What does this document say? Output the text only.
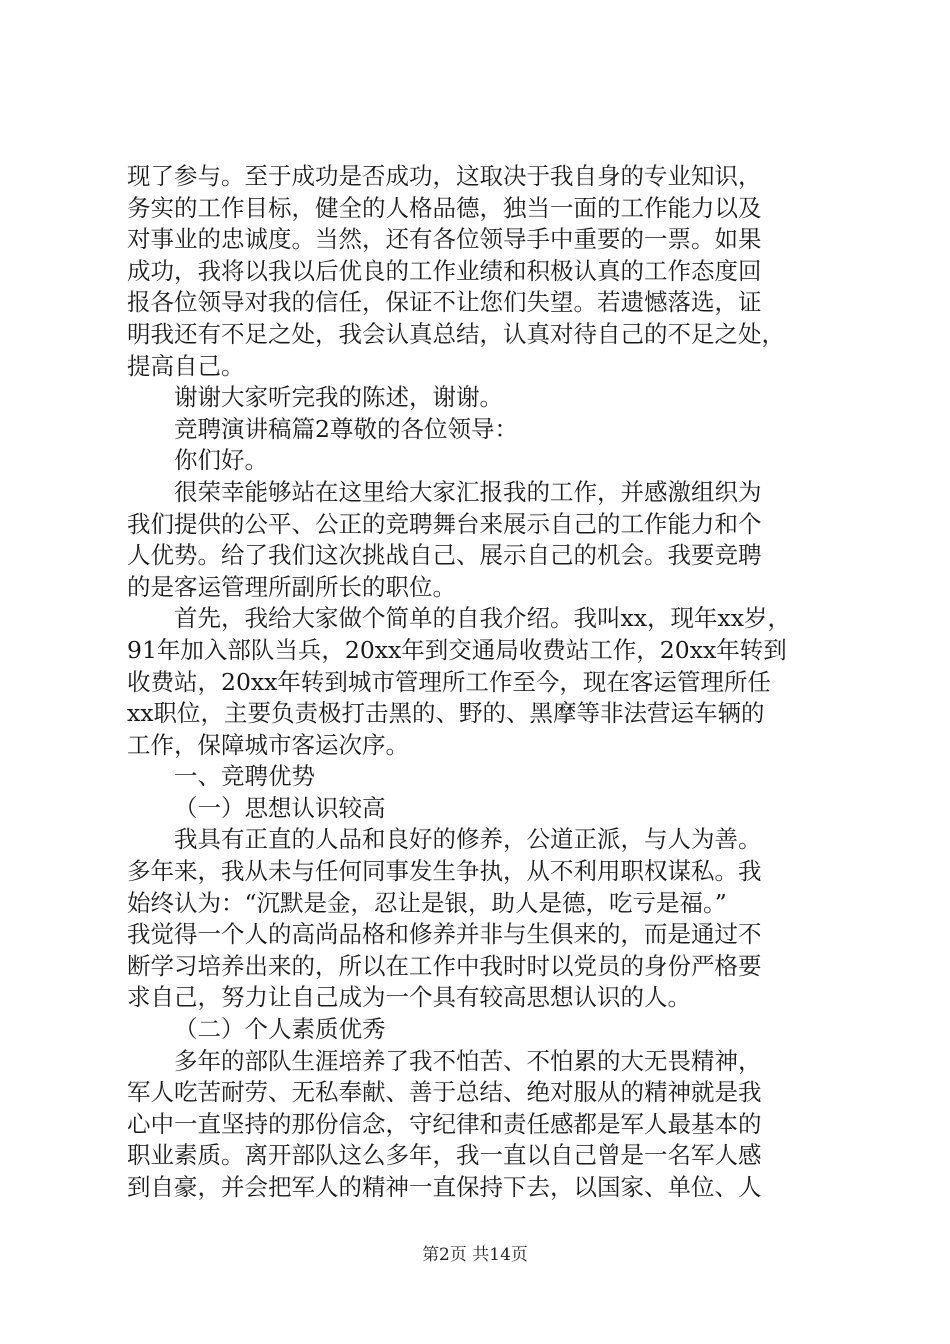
现了参与。至于成功是否成功，这取决于我自身的专业知识，
务实的工作目标，健全的人格品德，独当一面的工作能力以及
对事业的忠诚度。当然，还有各位领导手中重要的一票。如果
成功，我将以我以后优良的工作业绩和积极认真的工作态度回
报各位领导对我的信任，保证不让您们失望。若遗憾落选，证
明我还有不足之处，我会认真总结，认真对待自己的不足之处，
提高自己。
谢谢大家听完我的陈述，谢谢。
竞聘演讲稿篇2尊敬的各位领导：
你们好。
很荣幸能够站在这里给大家汇报我的工作，并感激组织为
我们提供的公平、公正的竞聘舞台来展示自己的工作能力和个
人优势。给了我们这次挑战自己、展示自己的机会。我要竞聘
的是客运管理所副所长的职位。
首先，我给大家做个简单的自我介绍。我叫xx，现年xx岁，
91年加入部队当兵，20xx年到交通局收费站工作，20xx年转到
收费站，20xx年转到城市管理所工作至今，现在客运管理所任
xx职位，主要负责极打击黑的、野的、黑摩等非法营运车辆的
工作，保障城市客运次序。
一、竞聘优势
（一）思想认识较高
我具有正直的人品和良好的修养，公道正派，与人为善。
多年来，我从未与任何同事发生争执，从不利用职权谋私。我
始终认为：“沉默是金，忍让是银，助人是德，吃亏是福。”
我觉得一个人的高尚品格和修养并非与生俱来的，而是通过不
断学习培养出来的，所以在工作中我时时以党员的身份严格要
求自己，努力让自己成为一个具有较高思想认识的人。
（二）个人素质优秀
多年的部队生涯培养了我不怕苦、不怕累的大无畏精神，
军人吃苦耐劳、无私奉献、善于总结、绝对服从的精神就是我
心中一直坚持的那份信念，守纪律和责任感都是军人最基本的
职业素质。离开部队这么多年，我一直以自己曾是一名军人感
到自豪，并会把军人的精神一直保持下去，以国家、单位、人
第2页 共14页
